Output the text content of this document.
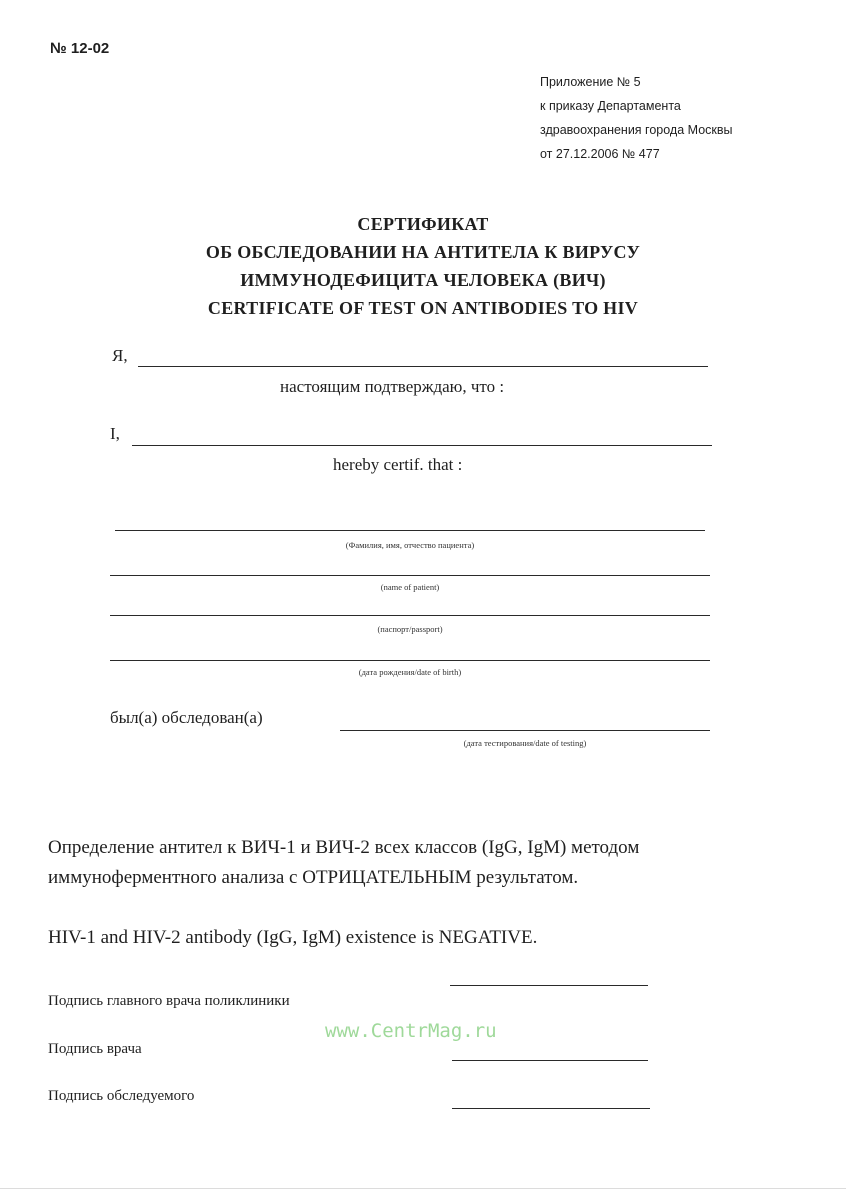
№ 12-02
Приложение № 5
к приказу Департамента
здравоохранения города Москвы
от 27.12.2006 № 477
СЕРТИФИКАТ
ОБ ОБСЛЕДОВАНИИ НА АНТИТЕЛА К ВИРУСУ
ИММУНОДЕФИЦИТА ЧЕЛОВЕКА (ВИЧ)
CERTIFICATE OF TEST ON ANTIBODIES TO HIV
Я,
настоящим подтверждаю, что :
I,
hereby certif. that :
(Фамилия, имя, отчество пациента)
(name of patient)
(паспорт/passport)
(дата рождения/date of birth)
был(а) обследован(а)
(дата тестирования/date of testing)
Определение антител к ВИЧ-1 и ВИЧ-2 всех классов (IgG, IgM) методом
иммуноферментного анализа с ОТРИЦАТЕЛЬНЫМ результатом.
HIV-1 and HIV-2 antibody (IgG, IgM) existence is NEGATIVE.
Подпись главного врача поликлиники
www.CentrMag.ru
Подпись врача
Подпись обследуемого
